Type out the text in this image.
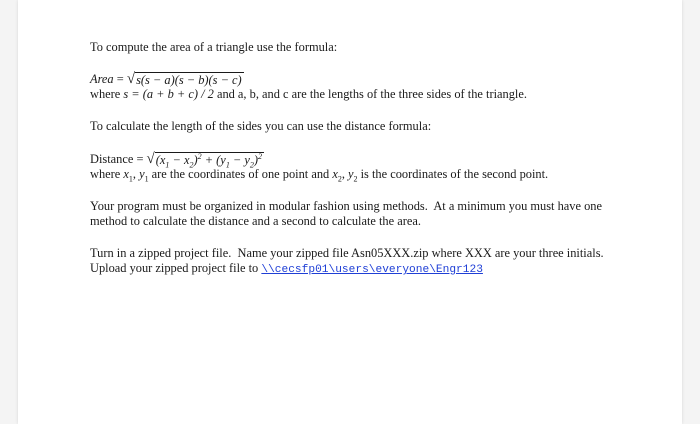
To compute the area of a triangle use the formula:

Area = √ s(s − a)(s − b)(s − c)

where s = (a + b + c) / 2 and a, b, and c are the lengths of the three sides of the triangle.

To calculate the length of the sides you can use the distance formula:

Distance = √ $(x_1 - x_2)^2 + (y_1 - y_2)^2$

where $x_1$, $y_1$ are the coordinates of one point and $x_2$, $y_2$ is the coordinates of the second point.

Your program must be organized in modular fashion using methods.  At a minimum you must have one method to calculate the distance and a second to calculate the area.

Turn in a zipped project file.  Name your zipped file Asn05XXX.zip where XXX are your three initials.  Upload your zipped project file to \\cecsfp01\users\everyone\Engr123
